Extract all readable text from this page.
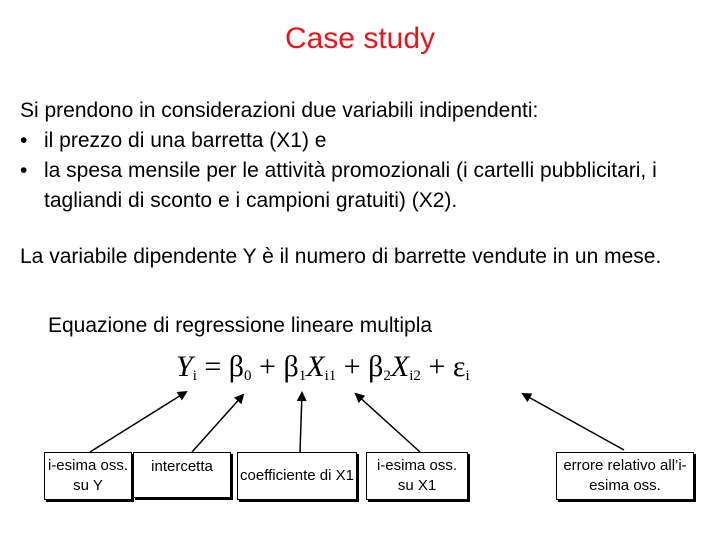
Case study
Si prendono in considerazioni due variabili indipendenti:
• il prezzo di una barretta (X1) e
• la spesa mensile per le attività promozionali (i cartelli pubblicitari, i tagliandi di sconto e i campioni gratuiti) (X2).
La variabile dipendente Y è il numero di barrette vendute in un mese.
Equazione di regressione lineare multipla
$Y_i = \beta_0 + \beta_1X_{i1} + \beta_2X_{i2} + \varepsilon_i$
i-esima oss. su Y
intercetta
coefficiente di X1
i-esima oss. su X1
errore relativo all’i-esima oss.
